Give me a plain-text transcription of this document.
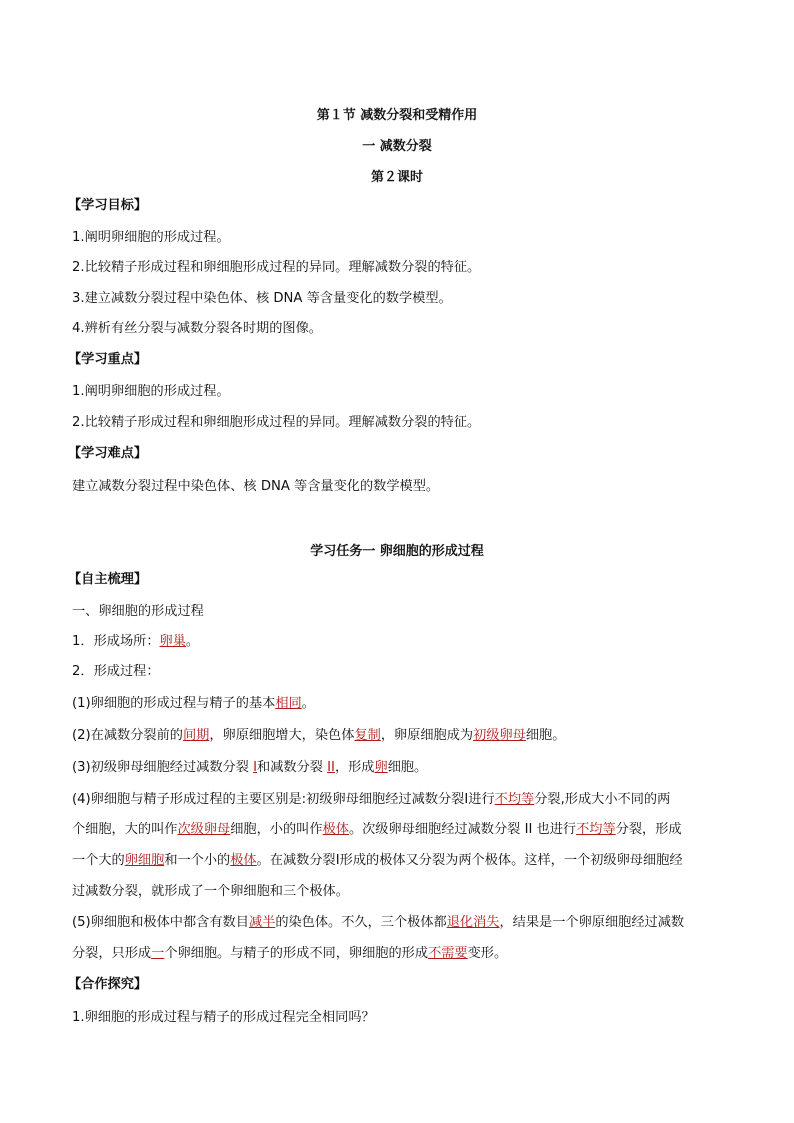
第１节 减数分裂和受精作用
一 减数分裂
第２课时
【学习目标】
1.阐明卵细胞的形成过程。
2.比较精子形成过程和卵细胞形成过程的异同。理解减数分裂的特征。
3.建立减数分裂过程中染色体、核 DNA 等含量变化的数学模型。
4.辨析有丝分裂与减数分裂各时期的图像。
【学习重点】
1.阐明卵细胞的形成过程。
2.比较精子形成过程和卵细胞形成过程的异同。理解减数分裂的特征。
【学习难点】
建立减数分裂过程中染色体、核 DNA 等含量变化的数学模型。
学习任务一 卵细胞的形成过程
【自主梳理】
一、卵细胞的形成过程
1．形成场所：卵巢。
2．形成过程：
(1)卵细胞的形成过程与精子的基本相同。
(2)在减数分裂前的间期，卵原细胞增大，染色体复制，卵原细胞成为初级卵母细胞。
(3)初级卵母细胞经过减数分裂 I和减数分裂 II，形成卵细胞。
(4)卵细胞与精子形成过程的主要区别是:初级卵母细胞经过减数分裂Ⅰ进行不均等分裂,形成大小不同的两
个细胞，大的叫作次级卵母细胞，小的叫作极体。次级卵母细胞经过减数分裂 II 也进行不均等分裂，形成
一个大的卵细胞和一个小的极体。在减数分裂Ⅰ形成的极体又分裂为两个极体。这样，一个初级卵母细胞经
过减数分裂，就形成了一个卵细胞和三个极体。
(5)卵细胞和极体中都含有数目减半的染色体。不久，三个极体都退化消失，结果是一个卵原细胞经过减数
分裂，只形成一个卵细胞。与精子的形成不同，卵细胞的形成不需要变形。
【合作探究】
1.卵细胞的形成过程与精子的形成过程完全相同吗？
